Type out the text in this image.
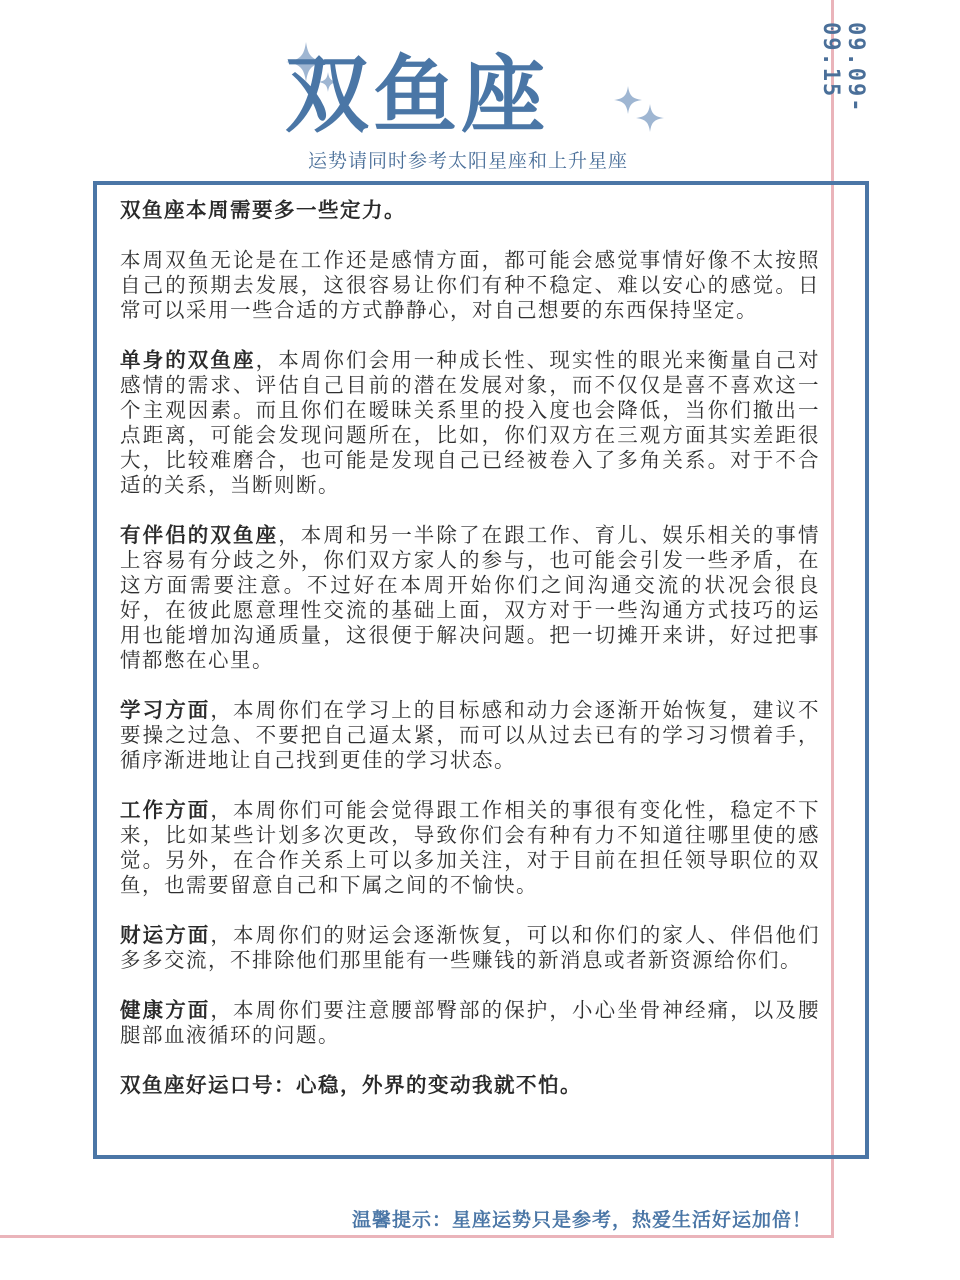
09.09-09.15
双鱼座
运势请同时参考太阳星座和上升星座

双鱼座本周需要多一些定力。

本周双鱼无论是在工作还是感情方面，都可能会感觉事情好像不太按照自己的预期去发展，这很容易让你们有种不稳定、难以安心的感觉。日常可以采用一些合适的方式静静心，对自己想要的东西保持坚定。

单身的双鱼座，本周你们会用一种成长性、现实性的眼光来衡量自己对感情的需求、评估自己目前的潜在发展对象，而不仅仅是喜不喜欢这一个主观因素。而且你们在暧昧关系里的投入度也会降低，当你们撤出一点距离，可能会发现问题所在，比如，你们双方在三观方面其实差距很大，比较难磨合，也可能是发现自己已经被卷入了多角关系。对于不合适的关系，当断则断。

有伴侣的双鱼座，本周和另一半除了在跟工作、育儿、娱乐相关的事情上容易有分歧之外，你们双方家人的参与，也可能会引发一些矛盾，在这方面需要注意。不过好在本周开始你们之间沟通交流的状况会很良好，在彼此愿意理性交流的基础上面，双方对于一些沟通方式技巧的运用也能增加沟通质量，这很便于解决问题。把一切摊开来讲，好过把事情都憋在心里。

学习方面，本周你们在学习上的目标感和动力会逐渐开始恢复，建议不要操之过急、不要把自己逼太紧，而可以从过去已有的学习习惯着手，循序渐进地让自己找到更佳的学习状态。

工作方面，本周你们可能会觉得跟工作相关的事很有变化性，稳定不下来，比如某些计划多次更改，导致你们会有种有力不知道往哪里使的感觉。另外，在合作关系上可以多加关注，对于目前在担任领导职位的双鱼，也需要留意自己和下属之间的不愉快。

财运方面，本周你们的财运会逐渐恢复，可以和你们的家人、伴侣他们多多交流，不排除他们那里能有一些赚钱的新消息或者新资源给你们。

健康方面，本周你们要注意腰部臀部的保护，小心坐骨神经痛，以及腰腿部血液循环的问题。

双鱼座好运口号：心稳，外界的变动我就不怕。

温馨提示：星座运势只是参考，热爱生活好运加倍！
